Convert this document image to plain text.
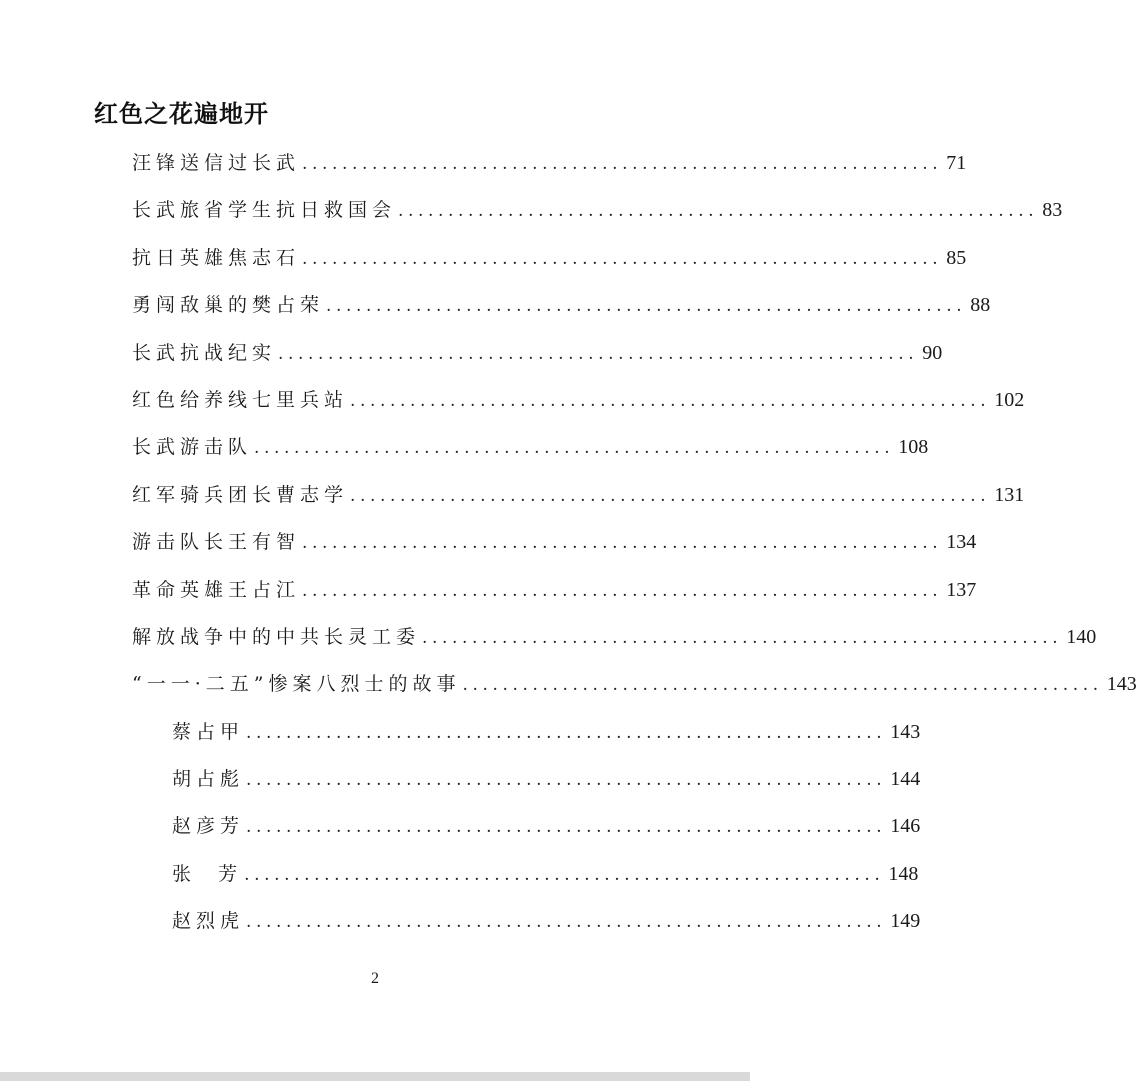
红色之花遍地开
汪锋送信过长武 ................................................................ 71
长武旅省学生抗日救国会 ................................................................ 83
抗日英雄焦志石 ................................................................ 85
勇闯敌巢的樊占荣 ................................................................ 88
长武抗战纪实 ................................................................ 90
红色给养线七里兵站 ................................................................ 102
长武游击队 ................................................................ 108
红军骑兵团长曹志学 ................................................................ 131
游击队长王有智 ................................................................ 134
革命英雄王占江 ................................................................ 137
解放战争中的中共长灵工委 ................................................................ 140
“一一·二五”惨案八烈士的故事 ................................................................ 143
蔡占甲 ................................................................ 143
胡占彪 ................................................................ 144
赵彦芳 ................................................................ 146
张  芳 ................................................................ 148
赵烈虎 ................................................................ 149
2
